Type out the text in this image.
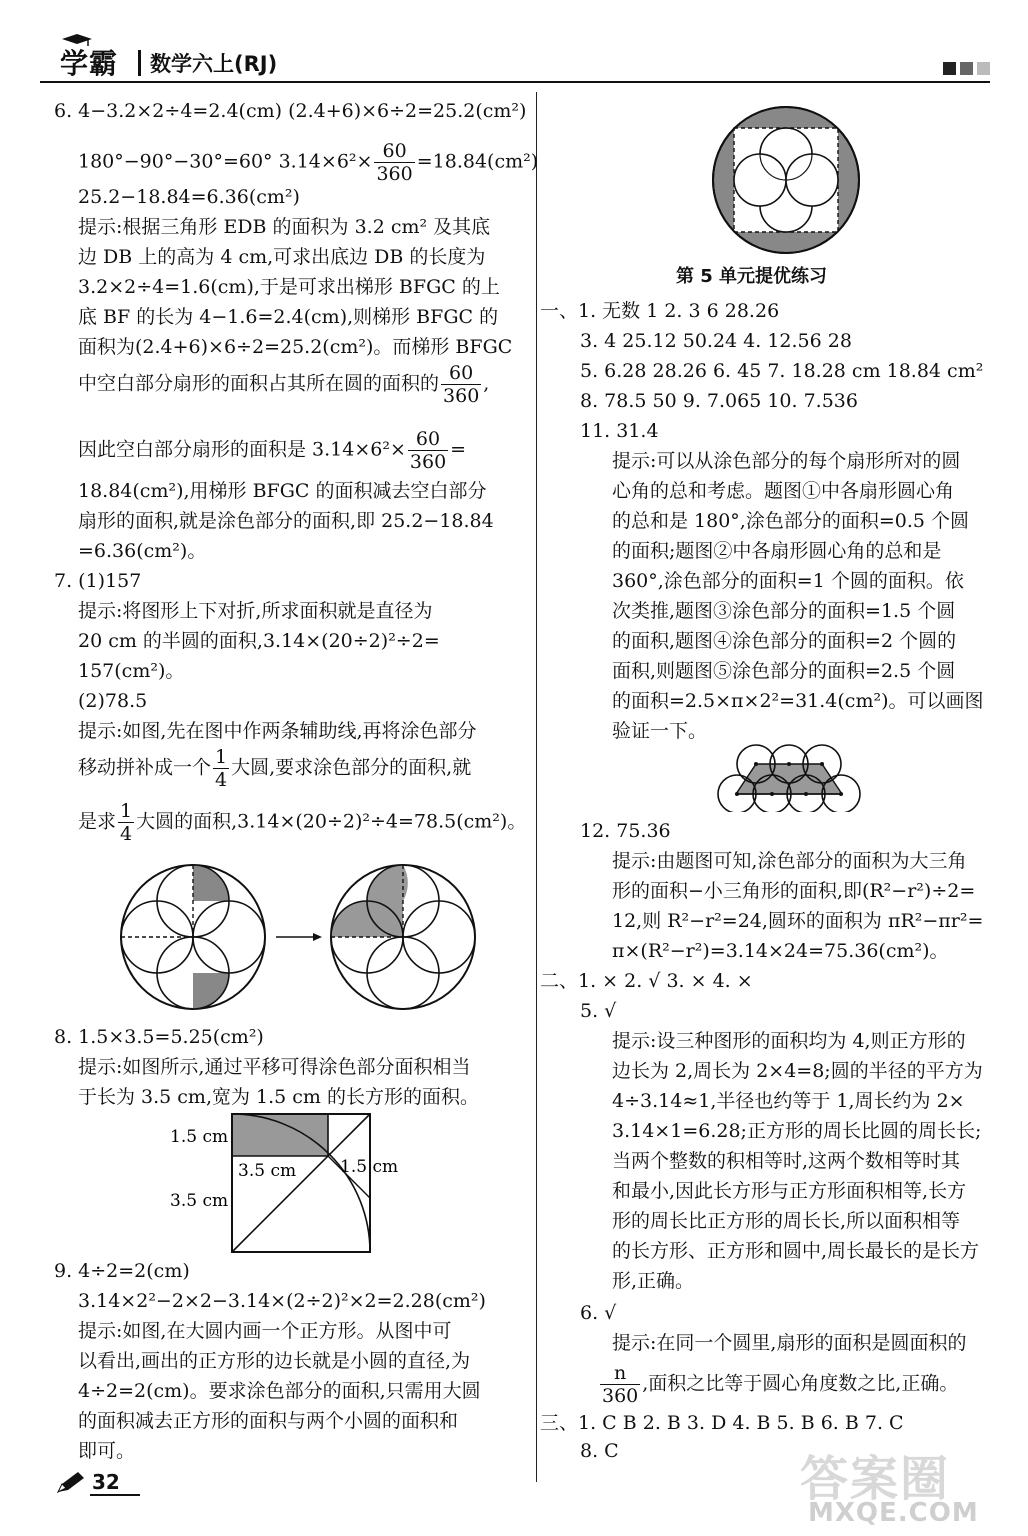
学霸 数学六上(RJ)
6. 4−3.2×2÷4=2.4(cm) (2.4+6)×6÷2=25.2(cm²)
180°−90°−30°=60° $3.14\times 6^2\times \frac{60}{360} =18.84(cm^2)$
25.2−18.84=6.36(cm²)
提示:根据三角形 EDB 的面积为 3.2 cm² 及其底
边 DB 上的高为 4 cm,可求出底边 DB 的长度为
3.2×2÷4=1.6(cm),于是可求出梯形 BFGC 的上
底 BF 的长为 4−1.6=2.4(cm),则梯形 BFGC 的
面积为(2.4+6)×6÷2=25.2(cm²)。而梯形 BFGC
中空白部分扇形的面积占其所在圆的面积的 $\frac{60}{360}$ ,
因此空白部分扇形的面积是 $3.14\times 6^2\times \frac{60}{360}$ =
18.84(cm²),用梯形 BFGC 的面积减去空白部分
扇形的面积,就是涂色部分的面积,即 25.2−18.84
=6.36(cm²)。
7. (1)157
提示:将图形上下对折,所求面积就是直径为
20 cm 的半圆的面积,3.14×(20÷2)²÷2=
157(cm²)。
(2)78.5
提示:如图,先在图中作两条辅助线,再将涂色部分
移动拼补成一个 $\frac{1}{4}$ 大圆,要求涂色部分的面积,就
是求 $\frac{1}{4}$ 大圆的面积,3.14×(20÷2)²÷4=78.5(cm²)。
8. 1.5×3.5=5.25(cm²)
提示:如图所示,通过平移可得涂色部分面积相当
于长为 3.5 cm,宽为 1.5 cm 的长方形的面积。
1.5 cm
3.5 cm	1.5 cm
3.5 cm
9. 4÷2=2(cm)
3.14×2²−2×2−3.14×(2÷2)²×2=2.28(cm²)
提示:如图,在大圆内画一个正方形。从图中可
以看出,画出的正方形的边长就是小圆的直径,为
4÷2=2(cm)。要求涂色部分的面积,只需用大圆
的面积减去正方形的面积与两个小圆的面积和
即可。
第 5 单元提优练习
一、1. 无数 1 2. 3 6 28.26
3. 4 25.12 50.24 4. 12.56 28
5. 6.28 28.26 6. 45 7. 18.28 cm 18.84 cm²
8. 78.5 50 9. 7.065 10. 7.536
11. 31.4
提示:可以从涂色部分的每个扇形所对的圆
心角的总和考虑。题图①中各扇形圆心角
的总和是 180°,涂色部分的面积=0.5 个圆
的面积;题图②中各扇形圆心角的总和是
360°,涂色部分的面积=1 个圆的面积。依
次类推,题图③涂色部分的面积=1.5 个圆
的面积,题图④涂色部分的面积=2 个圆的
面积,则题图⑤涂色部分的面积=2.5 个圆
的面积=2.5×π×2²=31.4(cm²)。可以画图
验证一下。
12. 75.36
提示:由题图可知,涂色部分的面积为大三角
形的面积−小三角形的面积,即(R²−r²)÷2=
12,则 R²−r²=24,圆环的面积为 πR²−πr²=
π×(R²−r²)=3.14×24=75.36(cm²)。
二、1. × 2. √ 3. × 4. ×
5. √
提示:设三种图形的面积均为 4,则正方形的
边长为 2,周长为 2×4=8;圆的半径的平方为
4÷3.14≈1,半径也约等于 1,周长约为 2×
3.14×1=6.28;正方形的周长比圆的周长长;
当两个整数的积相等时,这两个数相等时其
和最小,因此长方形与正方形面积相等,长方
形的周长比正方形的周长长,所以面积相等
的长方形、正方形和圆中,周长最长的是长方
形,正确。
6. √
提示:在同一个圆里,扇形的面积是圆面积的
$\frac{n}{360}$ ,面积之比等于圆心角度数之比,正确。
三、1. C B 2. B 3. D 4. B 5. B 6. B 7. C
8. C
32	答案圈
MXQE.COM
